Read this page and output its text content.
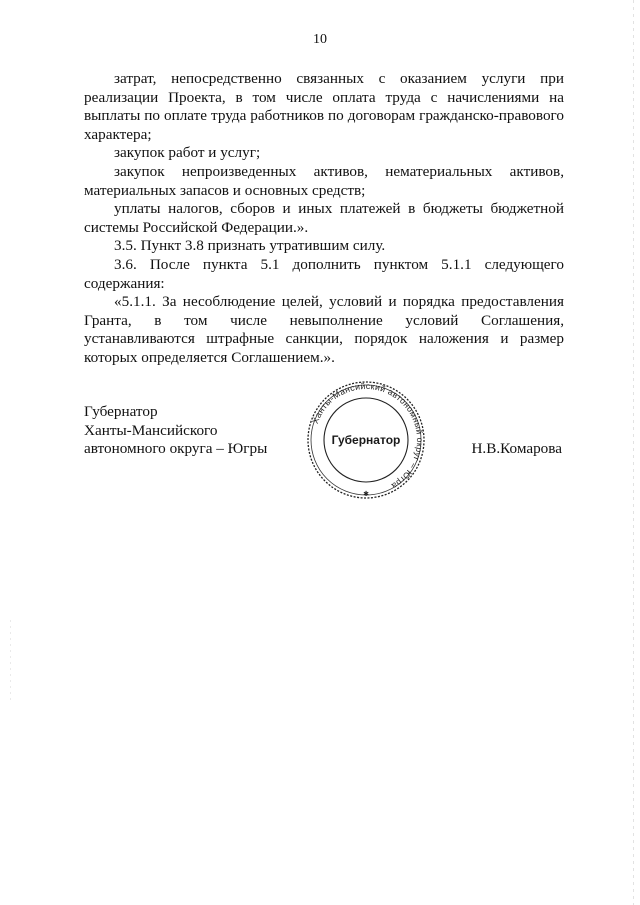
10

затрат, непосредственно связанных с оказанием услуги при реализации Проекта, в том числе оплата труда с начислениями на выплаты по оплате труда работников по договорам гражданско-правового характера;

закупок работ и услуг;

закупок непроизведенных активов, нематериальных активов, материальных запасов и основных средств;

уплаты налогов, сборов и иных платежей в бюджеты бюджетной системы Российской Федерации.».

3.5. Пункт 3.8 признать утратившим силу.

3.6. После пункта 5.1 дополнить пунктом 5.1.1 следующего содержания:

«5.1.1. За несоблюдение целей, условий и порядка предоставления Гранта, в том числе невыполнение условий Соглашения, устанавливаются штрафные санкции, порядок наложения и размер которых определяется Соглашением.».

Губернатор
Ханты-Мансийского
автономного округа – Югры	Н.В.Комарова
Ханты-Мансийский автономный округ – Югра
Губернатор
✱
